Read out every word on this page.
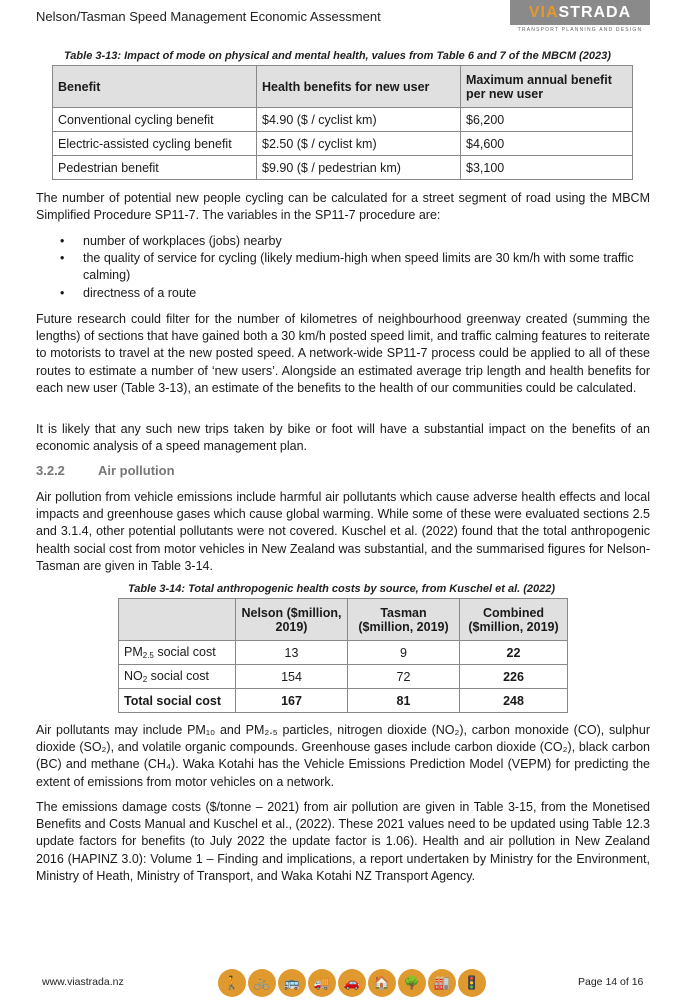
Nelson/Tasman Speed Management Economic Assessment	VIASTRADA
TRANSPORT PLANNING AND DESIGN
Table 3-13: Impact of mode on physical and mental health, values from Table 6 and 7 of the MBCM (2023)
Benefit	Health benefits for new user	Maximum annual benefit per new user
Conventional cycling benefit	$4.90 ($ / cyclist km)	$6,200
Electric-assisted cycling benefit	$2.50 ($ / cyclist km)	$4,600
Pedestrian benefit	$9.90 ($ / pedestrian km)	$3,100
The number of potential new people cycling can be calculated for a street segment of road using the MBCM Simplified Procedure SP11-7. The variables in the SP11-7 procedure are:
• number of workplaces (jobs) nearby
• the quality of service for cycling (likely medium-high when speed limits are 30 km/h with some traffic calming)
• directness of a route
Future research could filter for the number of kilometres of neighbourhood greenway created (summing the lengths) of sections that have gained both a 30 km/h posted speed limit, and traffic calming features to reiterate to motorists to travel at the new posted speed. A network-wide SP11-7 process could be applied to all of these routes to estimate a number of ‘new users’. Alongside an estimated average trip length and health benefits for each new user (Table 3-13), an estimate of the benefits to the health of our communities could be calculated.
It is likely that any such new trips taken by bike or foot will have a substantial impact on the benefits of an economic analysis of a speed management plan.
3.2.2	Air pollution
Air pollution from vehicle emissions include harmful air pollutants which cause adverse health effects and local impacts and greenhouse gases which cause global warming. While some of these were evaluated sections 2.5 and 3.1.4, other potential pollutants were not covered. Kuschel et al. (2022) found that the total anthropogenic health social cost from motor vehicles in New Zealand was substantial, and the summarised figures for Nelson-Tasman are given in Table 3-14.
Table 3-14: Total anthropogenic health costs by source, from Kuschel et al. (2022)
	Nelson ($million, 2019)	Tasman ($million, 2019)	Combined ($million, 2019)
$PM_{2.5}$ social cost	13	9	22
$NO_2$ social cost	154	72	226
Total social cost	167	81	248
Air pollutants may include PM₁₀ and PM₂.₅ particles, nitrogen dioxide (NO₂), carbon monoxide (CO), sulphur dioxide (SO₂), and volatile organic compounds. Greenhouse gases include carbon dioxide (CO₂), black carbon (BC) and methane (CH₄). Waka Kotahi has the Vehicle Emissions Prediction Model (VEPM) for predicting the extent of emissions from motor vehicles on a network.
The emissions damage costs ($/tonne – 2021) from air pollution are given in Table 3-15, from the Monetised Benefits and Costs Manual and Kuschel et al., (2022). These 2021 values need to be updated using Table 12.3 update factors for benefits (to July 2022 the update factor is 1.06). Health and air pollution in New Zealand 2016 (HAPINZ 3.0): Volume 1 – Finding and implications, a report undertaken by Ministry for the Environment, Ministry of Heath, Ministry of Transport, and Waka Kotahi NZ Transport Agency.
www.viastrada.nz	🚶	🚲	🚌	🚚	🚗	🏠	🌳	🏭	🚦	Page 14 of 16
